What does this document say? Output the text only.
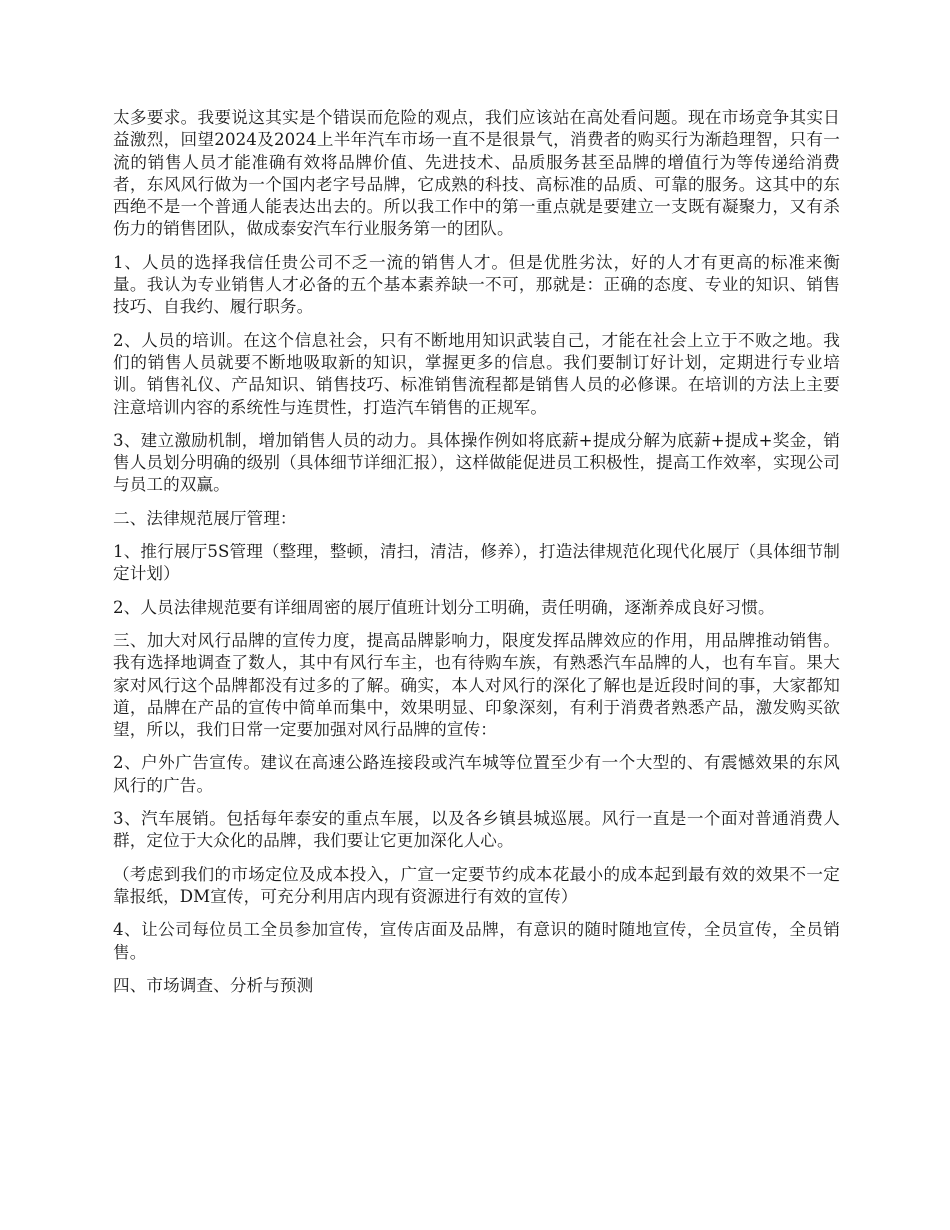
太多要求。我要说这其实是个错误而危险的观点，我们应该站在高处看问题。现在市场竞争其实日益激烈，回望2024及2024上半年汽车市场一直不是很景气，消费者的购买行为渐趋理智，只有一流的销售人员才能准确有效将品牌价值、先进技术、品质服务甚至品牌的增值行为等传递给消费者，东风风行做为一个国内老字号品牌，它成熟的科技、高标准的品质、可靠的服务。这其中的东西绝不是一个普通人能表达出去的。所以我工作中的第一重点就是要建立一支既有凝聚力，又有杀伤力的销售团队，做成泰安汽车行业服务第一的团队。

1、人员的选择我信任贵公司不乏一流的销售人才。但是优胜劣汰，好的人才有更高的标准来衡量。我认为专业销售人才必备的五个基本素养缺一不可，那就是：正确的态度、专业的知识、销售技巧、自我约、履行职务。

2、人员的培训。在这个信息社会，只有不断地用知识武装自己，才能在社会上立于不败之地。我们的销售人员就要不断地吸取新的知识，掌握更多的信息。我们要制订好计划，定期进行专业培训。销售礼仪、产品知识、销售技巧、标准销售流程都是销售人员的必修课。在培训的方法上主要注意培训内容的系统性与连贯性，打造汽车销售的正规军。

3、建立激励机制，增加销售人员的动力。具体操作例如将底薪+提成分解为底薪+提成+奖金，销售人员划分明确的级别（具体细节详细汇报），这样做能促进员工积极性，提高工作效率，实现公司与员工的双赢。

二、法律规范展厅管理：

1、推行展厅5S管理（整理，整顿，清扫，清洁，修养），打造法律规范化现代化展厅（具体细节制定计划）

2、人员法律规范要有详细周密的展厅值班计划分工明确，责任明确，逐渐养成良好习惯。

三、加大对风行品牌的宣传力度，提高品牌影响力，限度发挥品牌效应的作用，用品牌推动销售。我有选择地调查了数人，其中有风行车主，也有待购车族，有熟悉汽车品牌的人，也有车盲。果大家对风行这个品牌都没有过多的了解。确实，本人对风行的深化了解也是近段时间的事，大家都知道，品牌在产品的宣传中简单而集中，效果明显、印象深刻，有利于消费者熟悉产品，激发购买欲望，所以，我们日常一定要加强对风行品牌的宣传：

2、户外广告宣传。建议在高速公路连接段或汽车城等位置至少有一个大型的、有震憾效果的东风风行的广告。

3、汽车展销。包括每年泰安的重点车展，以及各乡镇县城巡展。风行一直是一个面对普通消费人群，定位于大众化的品牌，我们要让它更加深化人心。

（考虑到我们的市场定位及成本投入，广宣一定要节约成本花最小的成本起到最有效的效果不一定靠报纸，DM宣传，可充分利用店内现有资源进行有效的宣传）

4、让公司每位员工全员参加宣传，宣传店面及品牌，有意识的随时随地宣传，全员宣传，全员销售。

四、市场调查、分析与预测
